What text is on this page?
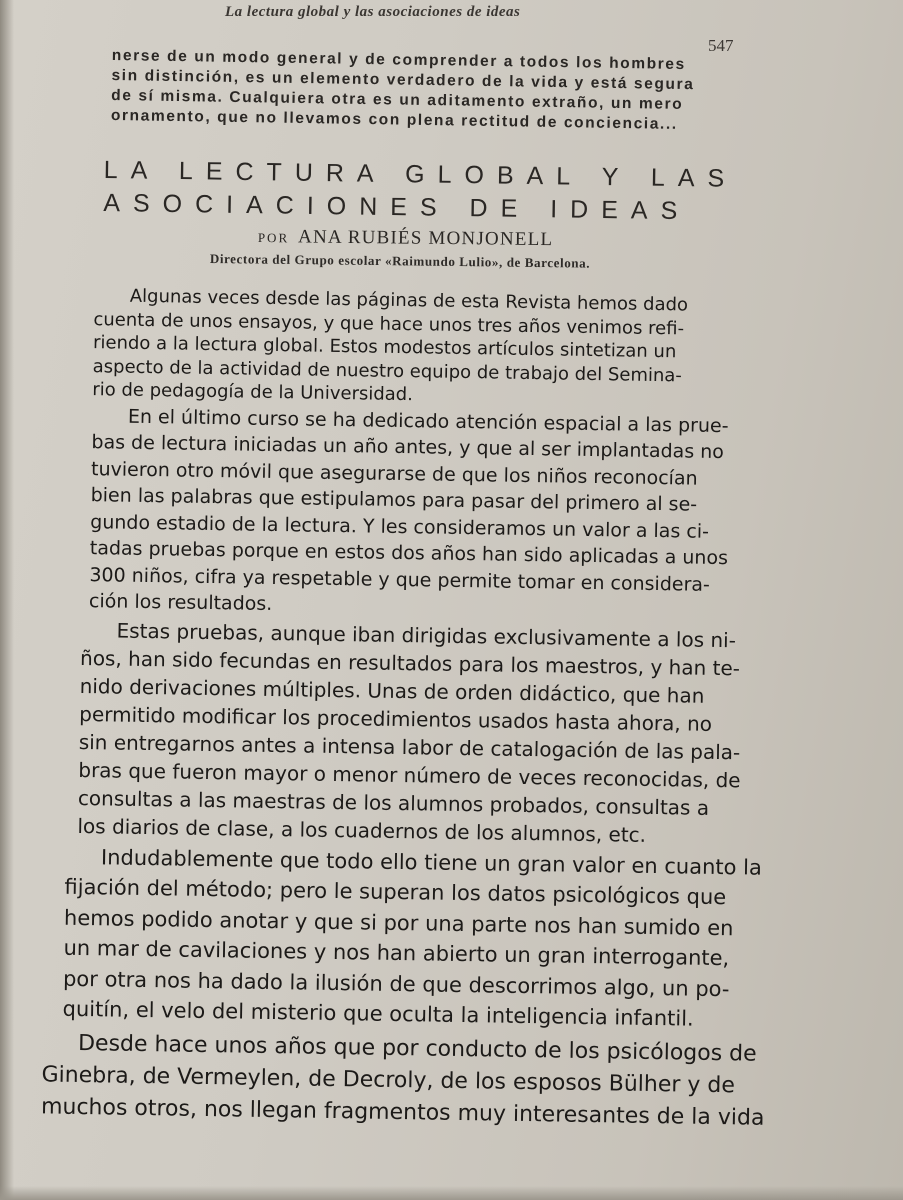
La lectura global y las asociaciones de ideas
547
nerse de un modo general y de comprender a todos los hombres
sin distinción, es un elemento verdadero de la vida y está segura
de sí misma. Cualquiera otra es un aditamento extraño, un mero
ornamento, que no llevamos con plena rectitud de conciencia...
LA LECTURA GLOBAL Y LAS
ASOCIACIONES DE IDEAS
POR ANA RUBIÉS MONJONELL
Directora del Grupo escolar «Raimundo Lulio», de Barcelona.
Algunas veces desde las páginas de esta Revista hemos dado
cuenta de unos ensayos, y que hace unos tres años venimos refi-
riendo a la lectura global. Estos modestos artículos sintetizan un
aspecto de la actividad de nuestro equipo de trabajo del Semina-
rio de pedagogía de la Universidad.
En el último curso se ha dedicado atención espacial a las prue-
bas de lectura iniciadas un año antes, y que al ser implantadas no
tuvieron otro móvil que asegurarse de que los niños reconocían
bien las palabras que estipulamos para pasar del primero al se-
gundo estadio de la lectura. Y les consideramos un valor a las ci-
tadas pruebas porque en estos dos años han sido aplicadas a unos
300 niños, cifra ya respetable y que permite tomar en considera-
ción los resultados.
Estas pruebas, aunque iban dirigidas exclusivamente a los ni-
ños, han sido fecundas en resultados para los maestros, y han te-
nido derivaciones múltiples. Unas de orden didáctico, que han
permitido modificar los procedimientos usados hasta ahora, no
sin entregarnos antes a intensa labor de catalogación de las pala-
bras que fueron mayor o menor número de veces reconocidas, de
consultas a las maestras de los alumnos probados, consultas a
los diarios de clase, a los cuadernos de los alumnos, etc.
Indudablemente que todo ello tiene un gran valor en cuanto la
fijación del método; pero le superan los datos psicológicos que
hemos podido anotar y que si por una parte nos han sumido en
un mar de cavilaciones y nos han abierto un gran interrogante,
por otra nos ha dado la ilusión de que descorrimos algo, un po-
quitín, el velo del misterio que oculta la inteligencia infantil.
Desde hace unos años que por conducto de los psicólogos de
Ginebra, de Vermeylen, de Decroly, de los esposos Bülher y de
muchos otros, nos llegan fragmentos muy interesantes de la vida
